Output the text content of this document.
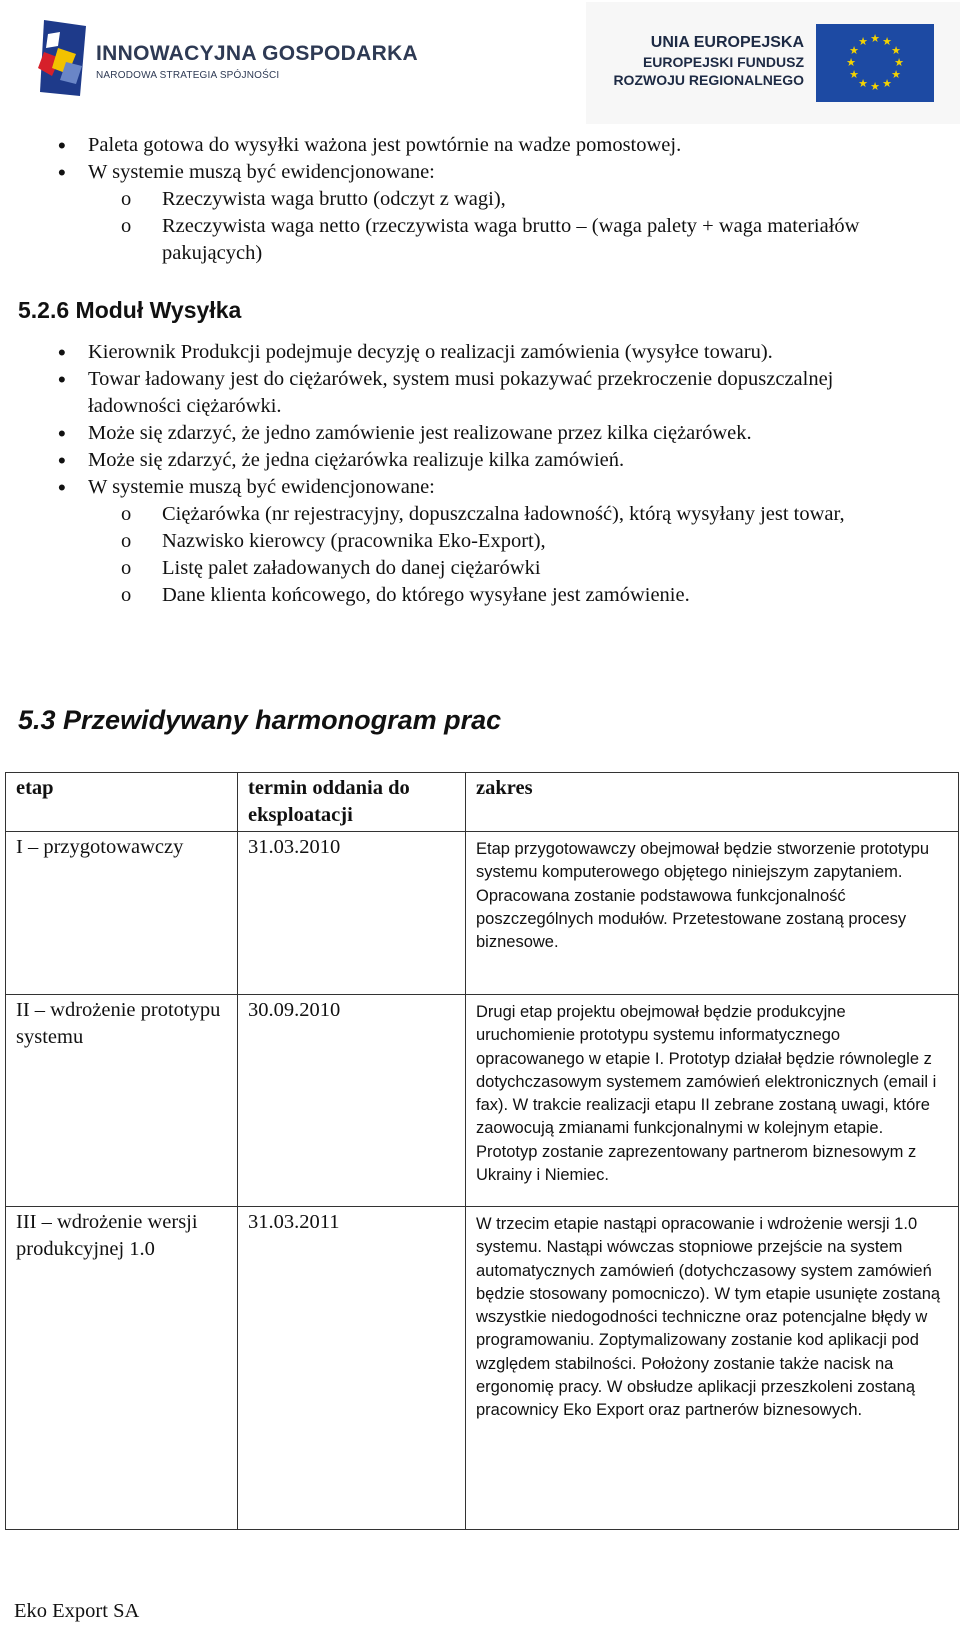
INNOWACYJNA GOSPODARKA
NARODOWA STRATEGIA SPÓJNOŚCI
UNIA EUROPEJSKA
EUROPEJSKI FUNDUSZ
ROZWOJU REGIONALNEGO
★ ★
★
★
★
★
★
★
★
★
★
★
• Paleta gotowa do wysyłki ważona jest powtórnie na wadze pomostowej.
• W systemie muszą być ewidencjonowane:
o Rzeczywista waga brutto (odczyt z wagi),
o Rzeczywista waga netto (rzeczywista waga brutto – (waga palety + waga materiałów pakujących)
5.2.6 Moduł Wysyłka
• Kierownik Produkcji podejmuje decyzję o realizacji zamówienia (wysyłce towaru).
• Towar ładowany jest do ciężarówek, system musi pokazywać przekroczenie dopuszczalnej ładowności ciężarówki.
• Może się zdarzyć, że jedno zamówienie jest realizowane przez kilka ciężarówek.
• Może się zdarzyć, że jedna ciężarówka realizuje kilka zamówień.
• W systemie muszą być ewidencjonowane:
o Ciężarówka (nr rejestracyjny, dopuszczalna ładowność), którą wysyłany jest towar,
o Nazwisko kierowcy (pracownika Eko-Export),
o Listę palet załadowanych do danej ciężarówki
o Dane klienta końcowego, do którego wysyłane jest zamówienie.
5.3 Przewidywany harmonogram prac
etap	termin oddania do eksploatacji	zakres
I – przygotowawczy	31.03.2010	Etap przygotowawczy obejmował będzie stworzenie prototypu systemu komputerowego objętego niniejszym zapytaniem. Opracowana zostanie podstawowa funkcjonalność poszczególnych modułów. Przetestowane zostaną procesy biznesowe.
II – wdrożenie prototypu systemu	30.09.2010	Drugi etap projektu obejmował będzie produkcyjne uruchomienie prototypu systemu informatycznego opracowanego w etapie I. Prototyp działał będzie równolegle z dotychczasowym systemem zamówień elektronicznych (email i fax). W trakcie realizacji etapu II zebrane zostaną uwagi, które zaowocują zmianami funkcjonalnymi w kolejnym etapie. Prototyp zostanie zaprezentowany partnerom biznesowym z Ukrainy i Niemiec.
III – wdrożenie wersji produkcyjnej 1.0	31.03.2011	W trzecim etapie nastąpi opracowanie i wdrożenie wersji 1.0 systemu. Nastąpi wówczas stopniowe przejście na system automatycznych zamówień (dotychczasowy system zamówień będzie stosowany pomocniczo). W tym etapie usunięte zostaną wszystkie niedogodności techniczne oraz potencjalne błędy w programowaniu. Zoptymalizowany zostanie kod aplikacji pod względem stabilności. Położony zostanie także nacisk na ergonomię pracy. W obsłudze aplikacji przeszkoleni zostaną pracownicy Eko Export oraz partnerów biznesowych.
Eko Export SA
